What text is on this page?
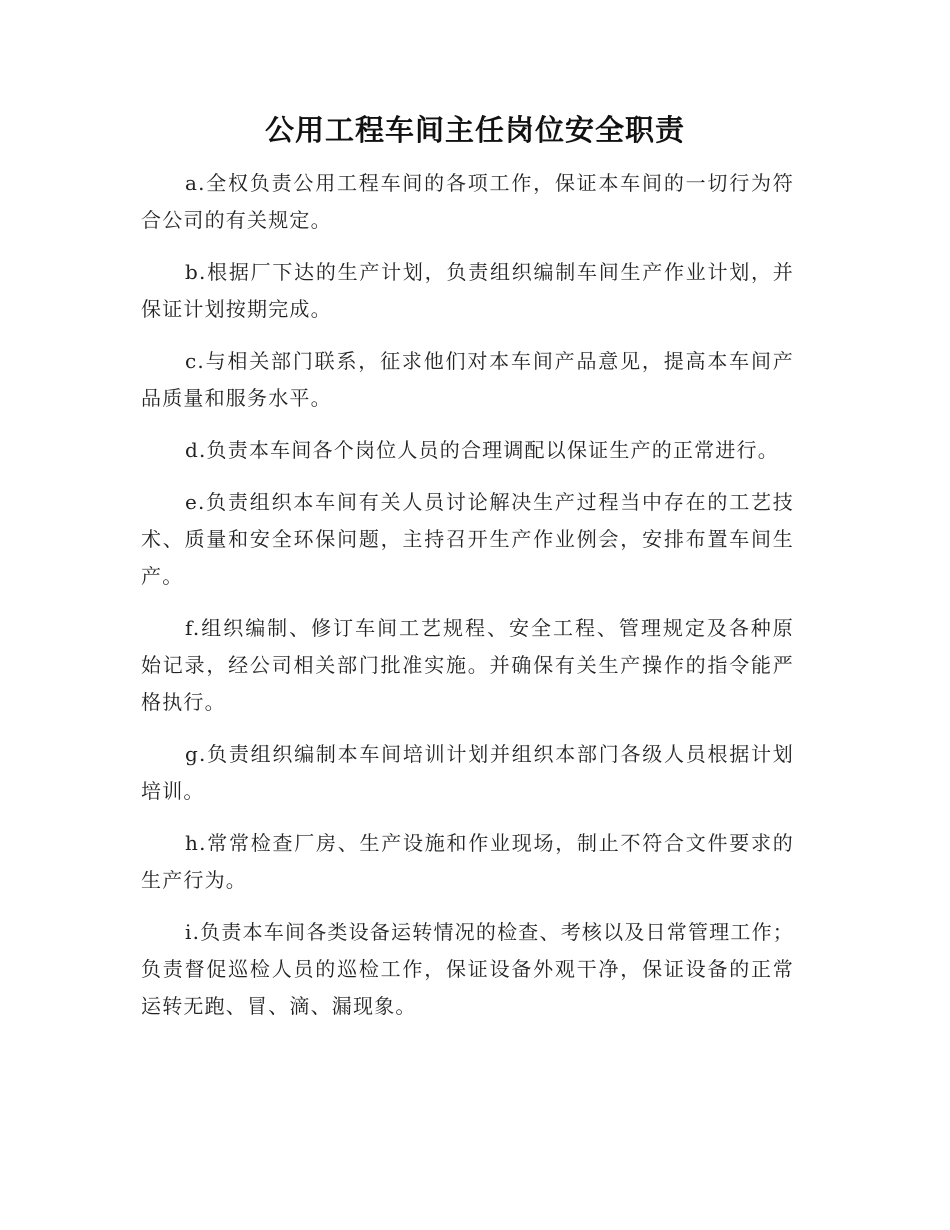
公用工程车间主任岗位安全职责

a.全权负责公用工程车间的各项工作，保证本车间的一切行为符合公司的有关规定。

b.根据厂下达的生产计划，负责组织编制车间生产作业计划，并保证计划按期完成。

c.与相关部门联系，征求他们对本车间产品意见，提高本车间产品质量和服务水平。

d.负责本车间各个岗位人员的合理调配以保证生产的正常进行。

e.负责组织本车间有关人员讨论解决生产过程当中存在的工艺技术、质量和安全环保问题，主持召开生产作业例会，安排布置车间生产。

f.组织编制、修订车间工艺规程、安全工程、管理规定及各种原始记录，经公司相关部门批准实施。并确保有关生产操作的指令能严格执行。

g.负责组织编制本车间培训计划并组织本部门各级人员根据计划培训。

h.常常检查厂房、生产设施和作业现场，制止不符合文件要求的生产行为。

i.负责本车间各类设备运转情况的检查、考核以及日常管理工作；负责督促巡检人员的巡检工作，保证设备外观干净，保证设备的正常运转无跑、冒、滴、漏现象。
